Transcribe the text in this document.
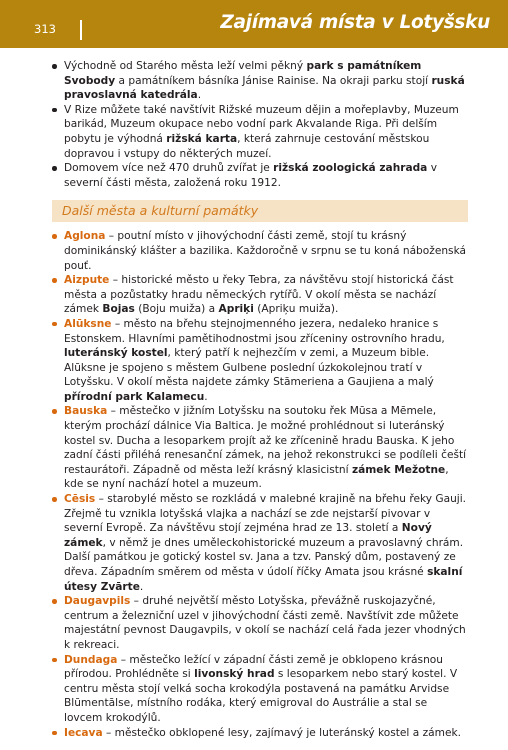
313	Zajímavá místa v Lotyšsku
Východně od Starého města leží velmi pěkný park s památníkem Svobody a památníkem básníka Jánise Rainise. Na okraji parku stojí ruská pravoslavná katedrála.
V Rize můžete také navštívit Rižské muzeum dějin a mořeplavby, Muzeum barikád, Muzeum okupace nebo vodní park Akvalande Riga. Při delším pobytu je výhodná rižská karta, která zahrnuje cestování městskou dopravou i vstupy do některých muzeí.
Domovem více než 470 druhů zvířat je rižská zoologická zahrada v severní části města, založená roku 1912.
Další města a kulturní památky
Aglona – poutní místo v jihovýchodní části země, stojí tu krásný dominikánský klášter a bazilika. Každoročně v srpnu se tu koná náboženská pouť.
Aizpute – historické město u řeky Tebra, za návštěvu stojí historická část města a pozůstatky hradu německých rytířů. V okolí města se nachází zámek Bojas (Boju muiža) a Apriķi (Apriķu muiža).
Alūksne – město na břehu stejnojmenného jezera, nedaleko hranice s Estonskem. Hlavními pamětihodnostmi jsou zříceniny ostrovního hradu, luteránský kostel, který patří k nejhezčím v zemi, a Muzeum bible. Alūksne je spojeno s městem Gulbene poslední úzkokolejnou tratí v Lotyšsku. V okolí města najdete zámky Stāmeriena a Gaujiena a malý přírodní park Kalamecu.
Bauska – městečko v jižním Lotyšsku na soutoku řek Mūsa a Mēmele, kterým prochází dálnice Via Baltica. Je možné prohlédnout si luteránský kostel sv. Ducha a lesoparkem projít až ke zřícenině hradu Bauska. K jeho zadní části přiléhá renesanční zámek, na jehož rekonstrukci se podíleli čeští restaurátoři. Západně od města leží krásný klasicistní zámek Mežotne, kde se nyní nachází hotel a muzeum.
Cēsis – starobylé město se rozkládá v malebné krajině na břehu řeky Gauji. Zřejmě tu vznikla lotyšská vlajka a nachází se zde nejstarší pivovar v severní Evropě. Za návštěvu stojí zejména hrad ze 13. století a Nový zámek, v němž je dnes uměleckohistorické muzeum a pravoslavný chrám. Další památkou je gotický kostel sv. Jana a tzv. Panský dům, postavený ze dřeva. Západním směrem od města v údolí říčky Amata jsou krásné skalní útesy Zvārte.
Daugavpils – druhé největší město Lotyšska, převážně ruskojazyčné, centrum a železniční uzel v jihovýchodní části země. Navštívit zde můžete majestátní pevnost Daugavpils, v okolí se nachází celá řada jezer vhodných k rekreaci.
Dundaga – městečko ležící v západní části země je obklopeno krásnou přírodou. Prohlédněte si livonský hrad s lesoparkem nebo starý kostel. V centru města stojí velká socha krokodýla postavená na památku Arvidse Blūmentālse, místního rodáka, který emigroval do Austrálie a stal se lovcem krokodýlů.
Iecava – městečko obklopené lesy, zajímavý je luteránský kostel a zámek.
